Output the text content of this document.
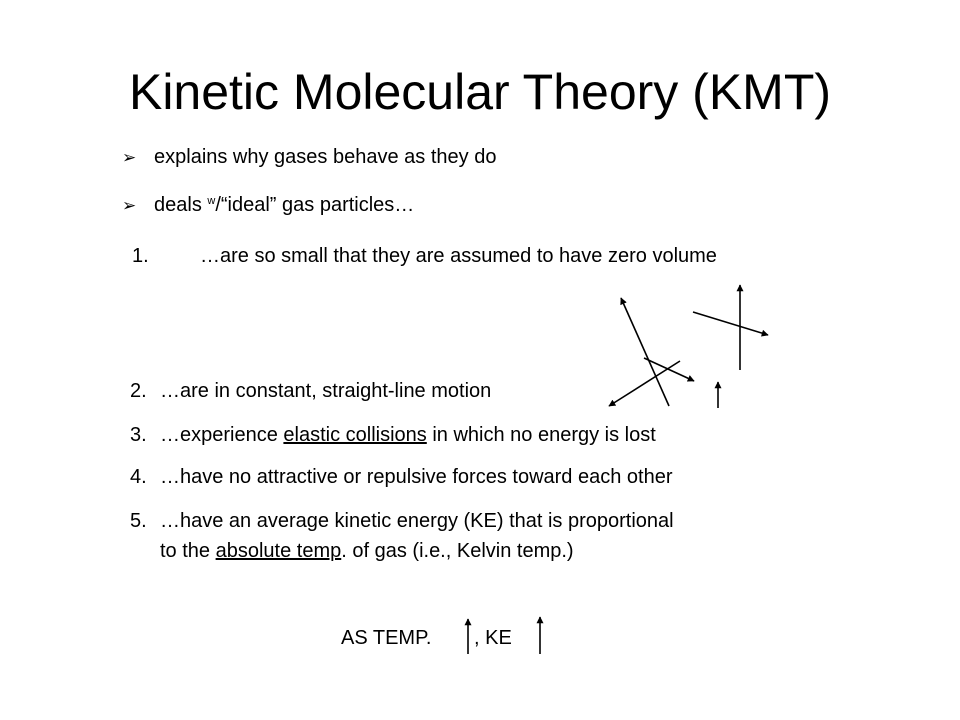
Kinetic Molecular Theory (KMT)
➢ explains why gases behave as they do
➢ deals $^w$/“ideal” gas particles…
1.	…are so small that they are assumed to have zero volume
2. …are in constant, straight-line motion
3. …experience elastic collisions in which no energy is lost
4. …have no attractive or repulsive forces toward each other
5. …have an average kinetic energy (KE) that is proportional
to the absolute temp. of gas (i.e., Kelvin temp.)
AS TEMP. , KE
